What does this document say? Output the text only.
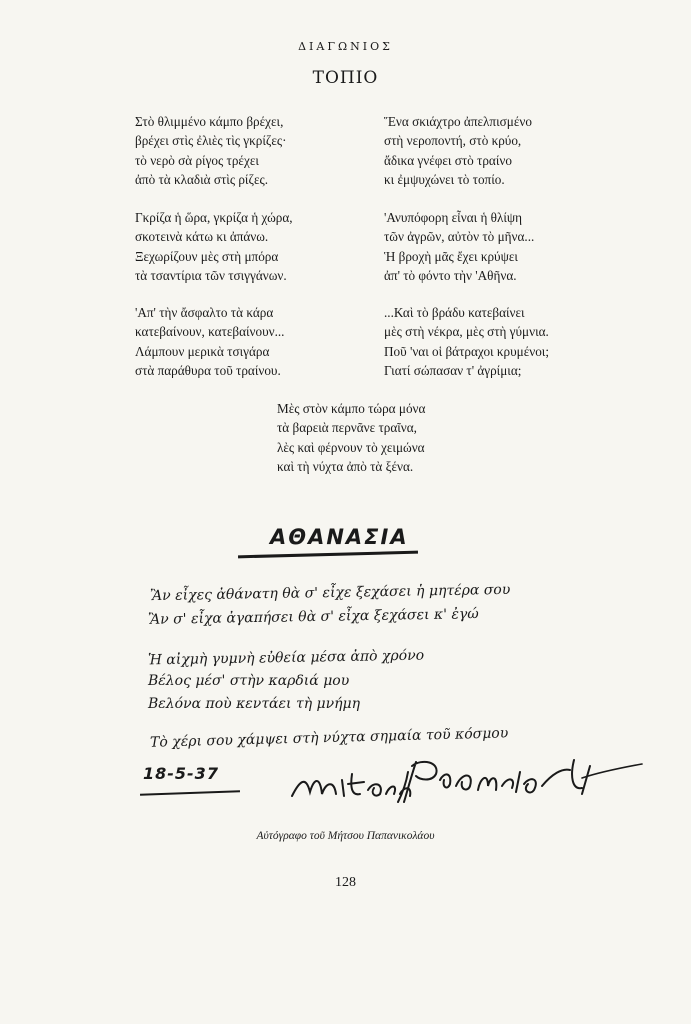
ΔΙΑΓΩΝΙΟΣ
ΤΟΠΙΟ
Στὸ θλιμμένο κάμπο βρέχει,
βρέχει στὶς ἐλιὲς τὶς γκρίζες·
τὸ νερὸ σὰ ρίγος τρέχει
ἀπὸ τὰ κλαδιὰ στὶς ρίζες.
Γκρίζα ἡ ὥρα, γκρίζα ἡ χώρα,
σκοτεινὰ κάτω κι ἀπάνω.
Ξεχωρίζουν μὲς στὴ μπόρα
τὰ τσαντίρια τῶν τσιγγάνων.
'Απ' τὴν ἄσφαλτο τὰ κάρα
κατεβαίνουν, κατεβαίνουν...
Λάμπουν μερικὰ τσιγάρα
στὰ παράθυρα τοῦ τραίνου.
Ἕνα σκιάχτρο ἀπελπισμένο
στὴ νεροποντή, στὸ κρύο,
ἄδικα γνέφει στὸ τραίνο
κι ἐμψυχώνει τὸ τοπίο.
'Ανυπόφορη εἶναι ἡ θλίψη
τῶν ἀγρῶν, αὐτὸν τὸ μῆνα...
Ἡ βροχὴ μᾶς ἔχει κρύψει
ἀπ' τὸ φόντο τὴν 'Αθῆνα.
...Καὶ τὸ βράδυ κατεβαίνει
μὲς στὴ νέκρα, μὲς στὴ γύμνια.
Ποῦ 'ναι οἱ βάτραχοι κρυμένοι;
Γιατί σώπασαν τ' ἀγρίμια;
Μὲς στὸν κάμπο τώρα μόνα
τὰ βαρειὰ περνᾶνε τραῖνα,
λὲς καὶ φέρνουν τὸ χειμώνα
καὶ τὴ νύχτα ἀπὸ τὰ ξένα.
ΑΘΑΝΑΣΙΑ
Ἂν εἶχες ἀθάνατη θὰ σ' εἶχε ξεχάσει ἡ μητέρα σου
Ἂν σ' εἶχα ἀγαπήσει θὰ σ' εἶχα ξεχάσει κ' ἐγώ
Ἡ αἰχμὴ γυμνὴ εὐθεία μέσα ἀπὸ χρόνο
Βέλος μέσ' στὴν καρδιά μου
Βελόνα ποὺ κεντάει τὴ μνήμη
Τὸ χέρι σου χάμψει στὴ νύχτα σημαία τοῦ κόσμου
18-5-37
Αὐτόγραφο τοῦ Μήτσου Παπανικολάου
128
